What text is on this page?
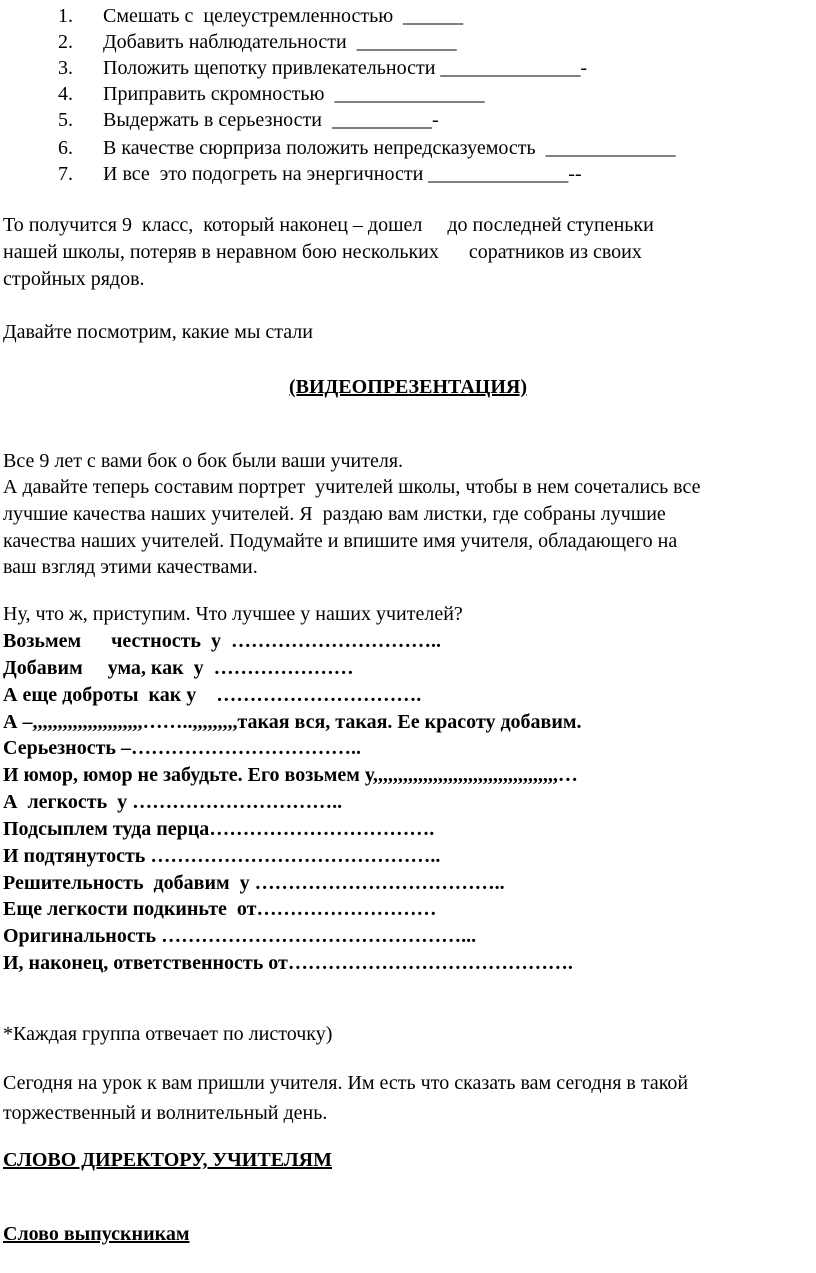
1. Смешать с  целеустремленностью  ______
2. Добавить наблюдательности  __________
3. Положить щепотку привлекательности ______________-
4. Приправить скромностью  _______________
5. Выдержать в серьезности  __________-
6. В качестве сюрприза положить непредсказуемость  _____________
7. И все  это подогреть на энергичности ______________--
То получится 9  класс,  который наконец – дошел     до последней ступеньки
нашей школы, потеряв в неравном бою нескольких      соратников из своих
стройных рядов.
Давайте посмотрим, какие мы стали
(ВИДЕОПРЕЗЕНТАЦИЯ)
Все 9 лет с вами бок о бок были ваши учителя.
А давайте теперь составим портрет  учителей школы, чтобы в нем сочетались все
лучшие качества наших учителей. Я  раздаю вам листки, где собраны лучшие
качества наших учителей. Подумайте и впишите имя учителя, обладающего на
ваш взгляд этими качествами.
Ну, что ж, приступим. Что лучшее у наших учителей?
Возьмем      честность  у  …………………………..
Добавим     ума, как  у  …………………
А еще доброты  как у    ………………………….
А –,,,,,,,,,,,,,,,,,,,,,,……..,,,,,,,,,такая вся, такая. Ее красоту добавим.
Серьезность –……………………………..
И юмор, юмор не забудьте. Его возьмем у,,,,,,,,,,,,,,,,,,,,,,,,,,,,,,,,,,,,,…
А  легкость  у …………………………..
Подсыплем туда перца…………………………….
И подтянутость ……………………………………..
Решительность  добавим  у ………………………………..
Еще легкости подкиньте  от………………………
Оригинальность ………………………………………...
И, наконец, ответственность от…………………………………….
*Каждая группа отвечает по листочку)
Сегодня на урок к вам пришли учителя. Им есть что сказать вам сегодня в такой
торжественный и волнительный день.
СЛОВО ДИРЕКТОРУ, УЧИТЕЛЯМ
Слово выпускникам
